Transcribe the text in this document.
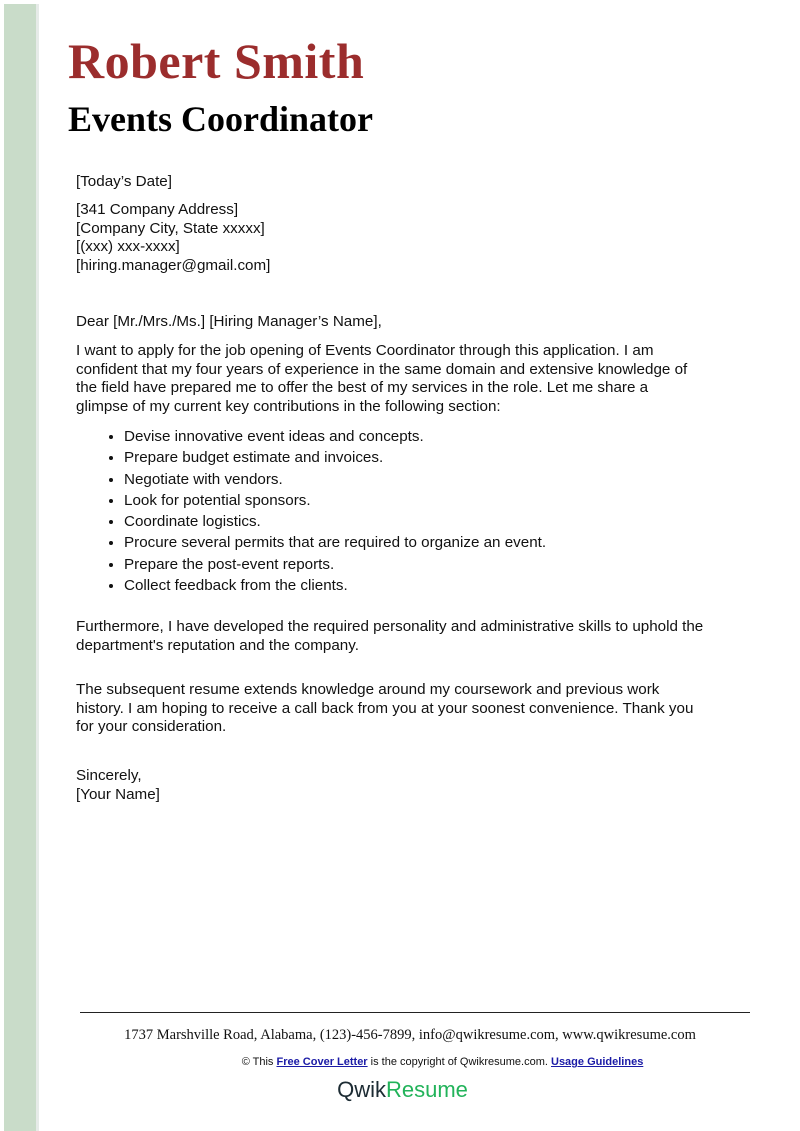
Robert Smith
Events Coordinator
[Today’s Date]
[341 Company Address]
[Company City, State xxxxx]
[(xxx) xxx-xxxx]
[hiring.manager@gmail.com]
Dear [Mr./Mrs./Ms.] [Hiring Manager’s Name],
I want to apply for the job opening of Events Coordinator through this application. I am
confident that my four years of experience in the same domain and extensive knowledge of
the field have prepared me to offer the best of my services in the role. Let me share a
glimpse of my current key contributions in the following section:
• Devise innovative event ideas and concepts.
• Prepare budget estimate and invoices.
• Negotiate with vendors.
• Look for potential sponsors.
• Coordinate logistics.
• Procure several permits that are required to organize an event.
• Prepare the post-event reports.
• Collect feedback from the clients.
Furthermore, I have developed the required personality and administrative skills to uphold the
department's reputation and the company.
The subsequent resume extends knowledge around my coursework and previous work
history. I am hoping to receive a call back from you at your soonest convenience. Thank you
for your consideration.
Sincerely,
[Your Name]
1737 Marshville Road, Alabama, (123)-456-7899, info@qwikresume.com, www.qwikresume.com
© This Free Cover Letter is the copyright of Qwikresume.com. Usage Guidelines
QwikResume
